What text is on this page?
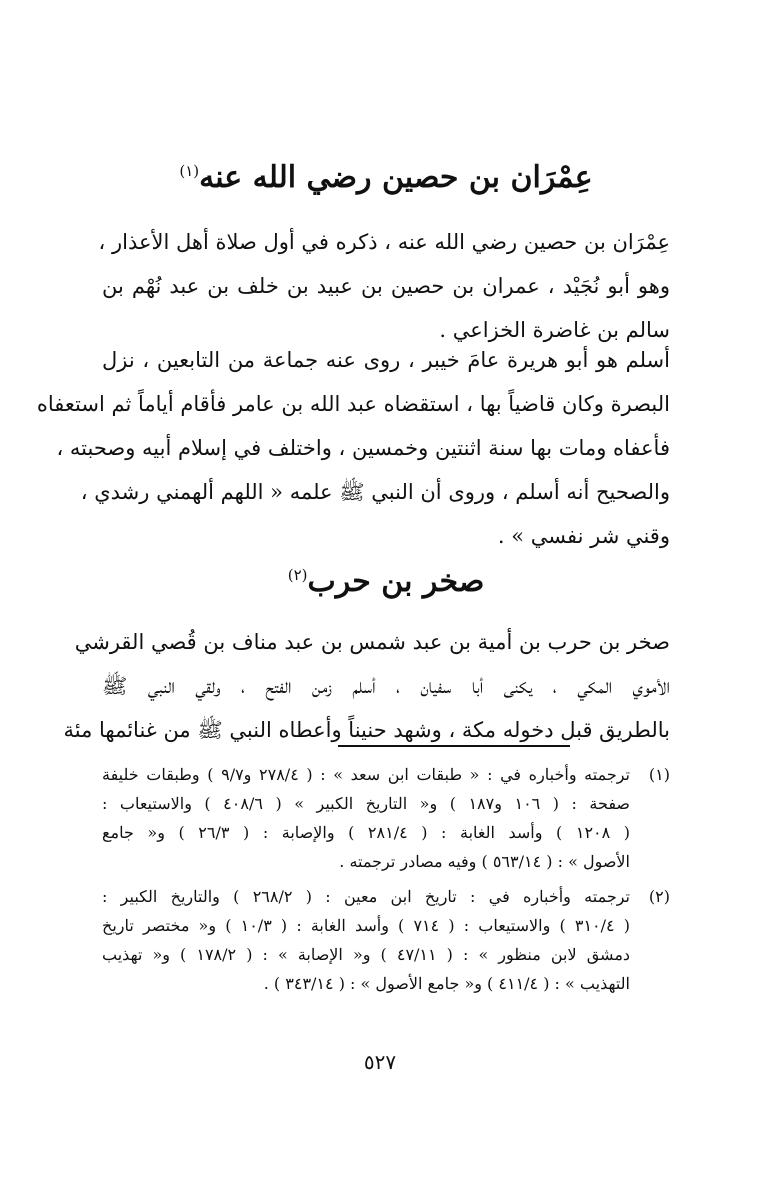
عِمْرَان بن حصين رضي الله عنه$^{(١)}$
عِمْرَان بن حصين رضي الله عنه ، ذكره في أول صلاة أهل الأعذار ،
وهو أبو نُجَيْد ، عمران بن حصين بن عبيد بن خلف بن عبد نُهْم بن
سالم بن غاضرة الخزاعي .
أسلم هو أبو هريرة عامَ خيبر ، روى عنه جماعة من التابعين ، نزل
البصرة وكان قاضياً بها ، استقضاه عبد الله بن عامر فأقام أياماً ثم استعفاه
فأعفاه ومات بها سنة اثنتين وخمسين ، واختلف في إسلام أبيه وصحبته ،
والصحيح أنه أسلم ، وروى أن النبي ﷺ علمه « اللهم ألهمني رشدي ،
وقني شر نفسي » .
صخر بن حرب$^{(٢)}$
صخر بن حرب بن أمية بن عبد شمس بن عبد مناف بن قُصي القرشي
الأموي المكي ، يكنى أبا سفيان ، أسلم زمن الفتح ، ولقي النبي ﷺ
بالطريق قبل دخوله مكة ، وشهد حنيناً وأعطاه النبي ﷺ من غنائمها مئة
(١)
ترجمته وأخباره في : « طبقات ابن سعد » : ( ٢٧٨/٤ و٩/٧ ) وطبقات خليفة
صفحة : ( ١٠٦ و١٨٧ ) و« التاريخ الكبير » ( ٤٠٨/٦ ) والاستيعاب :
( ١٢٠٨ ) وأسد الغابة : ( ٢٨١/٤ ) والإصابة : ( ٢٦/٣ ) و« جامع
الأصول » : ( ٥٦٣/١٤ ) وفيه مصادر ترجمته .
(٢)
ترجمته وأخباره في : تاريخ ابن معين : ( ٢٦٨/٢ ) والتاريخ الكبير :
( ٣١٠/٤ ) والاستيعاب : ( ٧١٤ ) وأسد الغابة : ( ١٠/٣ ) و« مختصر تاريخ
دمشق لابن منظور » : ( ٤٧/١١ ) و« الإصابة » : ( ١٧٨/٢ ) و« تهذيب
التهذيب » : ( ٤١١/٤ ) و« جامع الأصول » : ( ٣٤٣/١٤ ) .
٥٢٧
